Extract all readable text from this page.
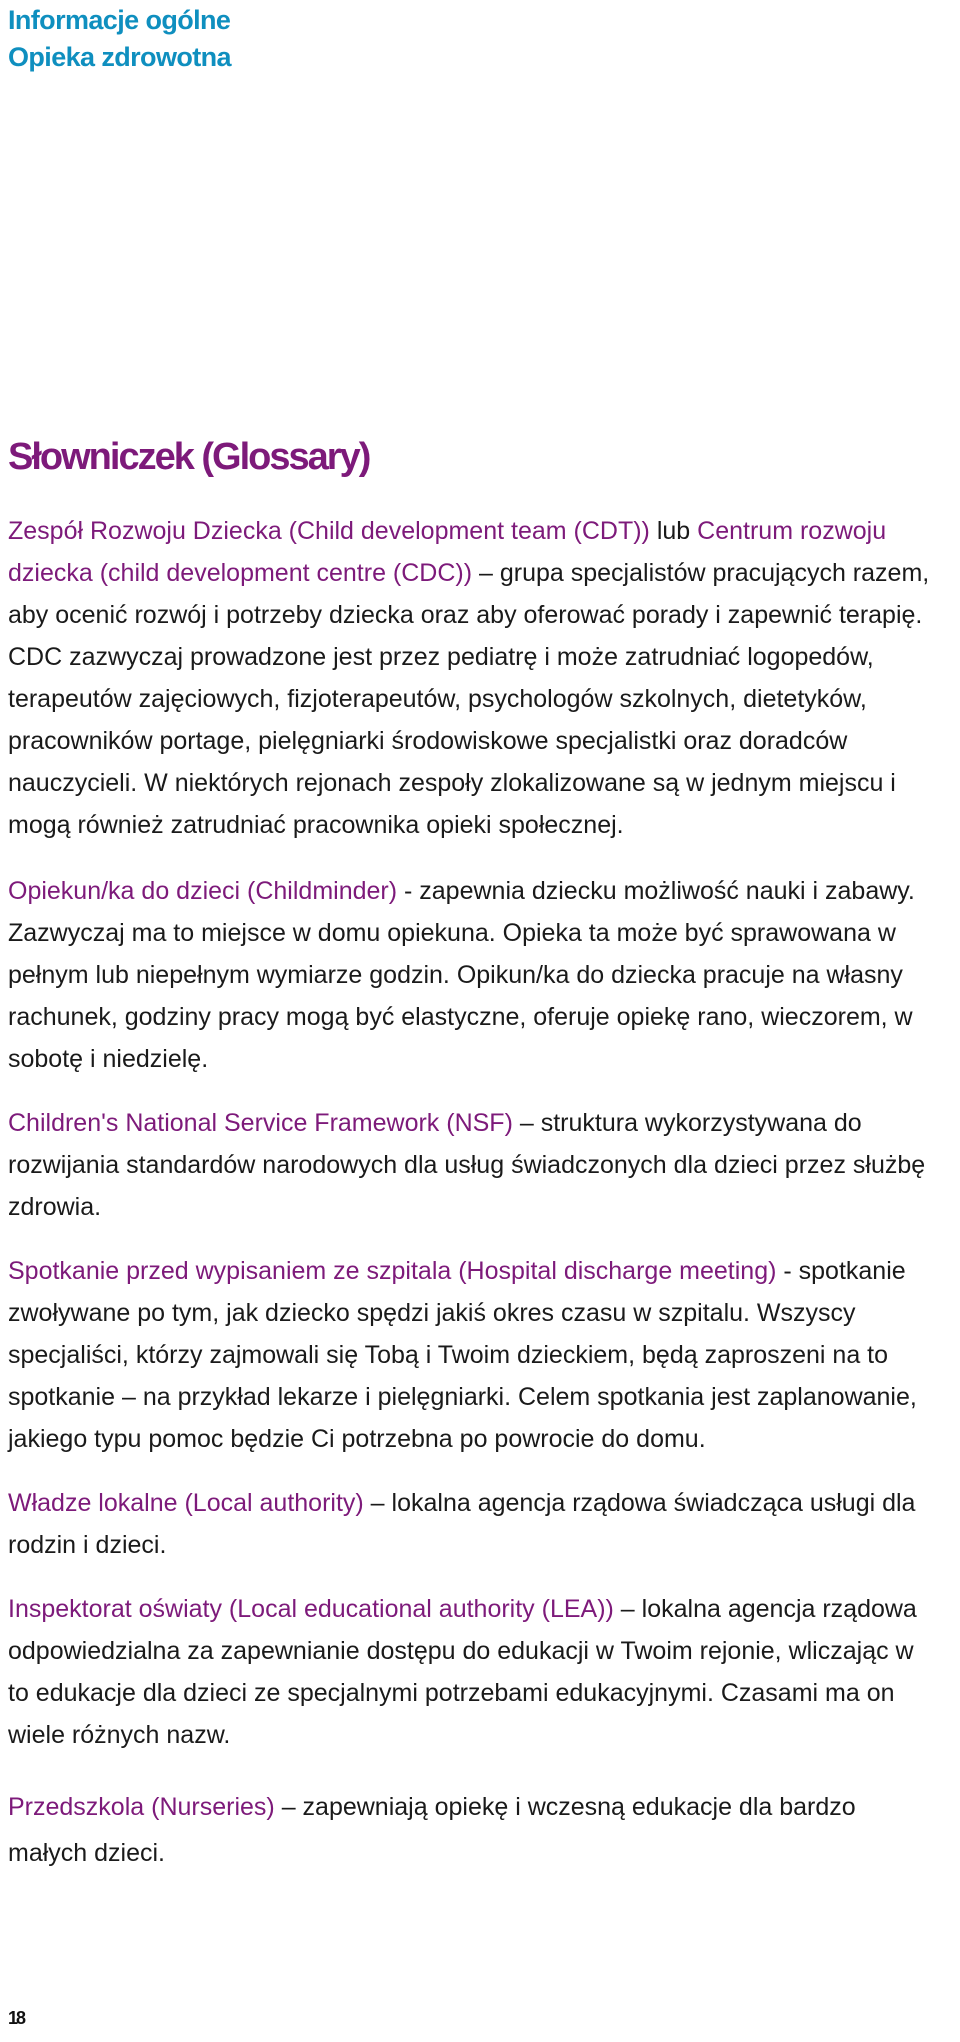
Informacje ogólne
Opieka zdrowotna
Słowniczek (Glossary)

Zespół Rozwoju Dziecka (Child development team (CDT)) lub Centrum rozwoju dziecka (child development centre (CDC)) – grupa specjalistów pracujących razem, aby ocenić rozwój i potrzeby dziecka oraz aby oferować porady i zapewnić terapię. CDC zazwyczaj prowadzone jest przez pediatrę i może zatrudniać logopedów, terapeutów zajęciowych, fizjoterapeutów, psychologów szkolnych, dietetyków, pracowników portage, pielęgniarki środowiskowe specjalistki oraz doradców nauczycieli. W niektórych rejonach zespoły zlokalizowane są w jednym miejscu i mogą również zatrudniać pracownika opieki społecznej.

Opiekun/ka do dzieci (Childminder) - zapewnia dziecku możliwość nauki i zabawy. Zazwyczaj ma to miejsce w domu opiekuna. Opieka ta może być sprawowana w pełnym lub niepełnym wymiarze godzin. Opikun/ka do dziecka pracuje na własny rachunek, godziny pracy mogą być elastyczne, oferuje opiekę rano, wieczorem, w sobotę i niedzielę.

Children's National Service Framework (NSF) – struktura wykorzystywana do rozwijania standardów narodowych dla usług świadczonych dla dzieci przez służbę zdrowia.

Spotkanie przed wypisaniem ze szpitala (Hospital discharge meeting) - spotkanie zwoływane po tym, jak dziecko spędzi jakiś okres czasu w szpitalu. Wszyscy specjaliści, którzy zajmowali się Tobą i Twoim dzieckiem, będą zaproszeni na to spotkanie – na przykład lekarze i pielęgniarki. Celem spotkania jest zaplanowanie, jakiego typu pomoc będzie Ci potrzebna po powrocie do domu.

Władze lokalne (Local authority) – lokalna agencja rządowa świadcząca usługi dla rodzin i dzieci.

Inspektorat oświaty (Local educational authority (LEA)) – lokalna agencja rządowa odpowiedzialna za zapewnianie dostępu do edukacji w Twoim rejonie, wliczając w to edukacje dla dzieci ze specjalnymi potrzebami edukacyjnymi. Czasami ma on wiele różnych nazw.

Przedszkola (Nurseries) – zapewniają opiekę i wczesną edukacje dla bardzo małych dzieci.

18
